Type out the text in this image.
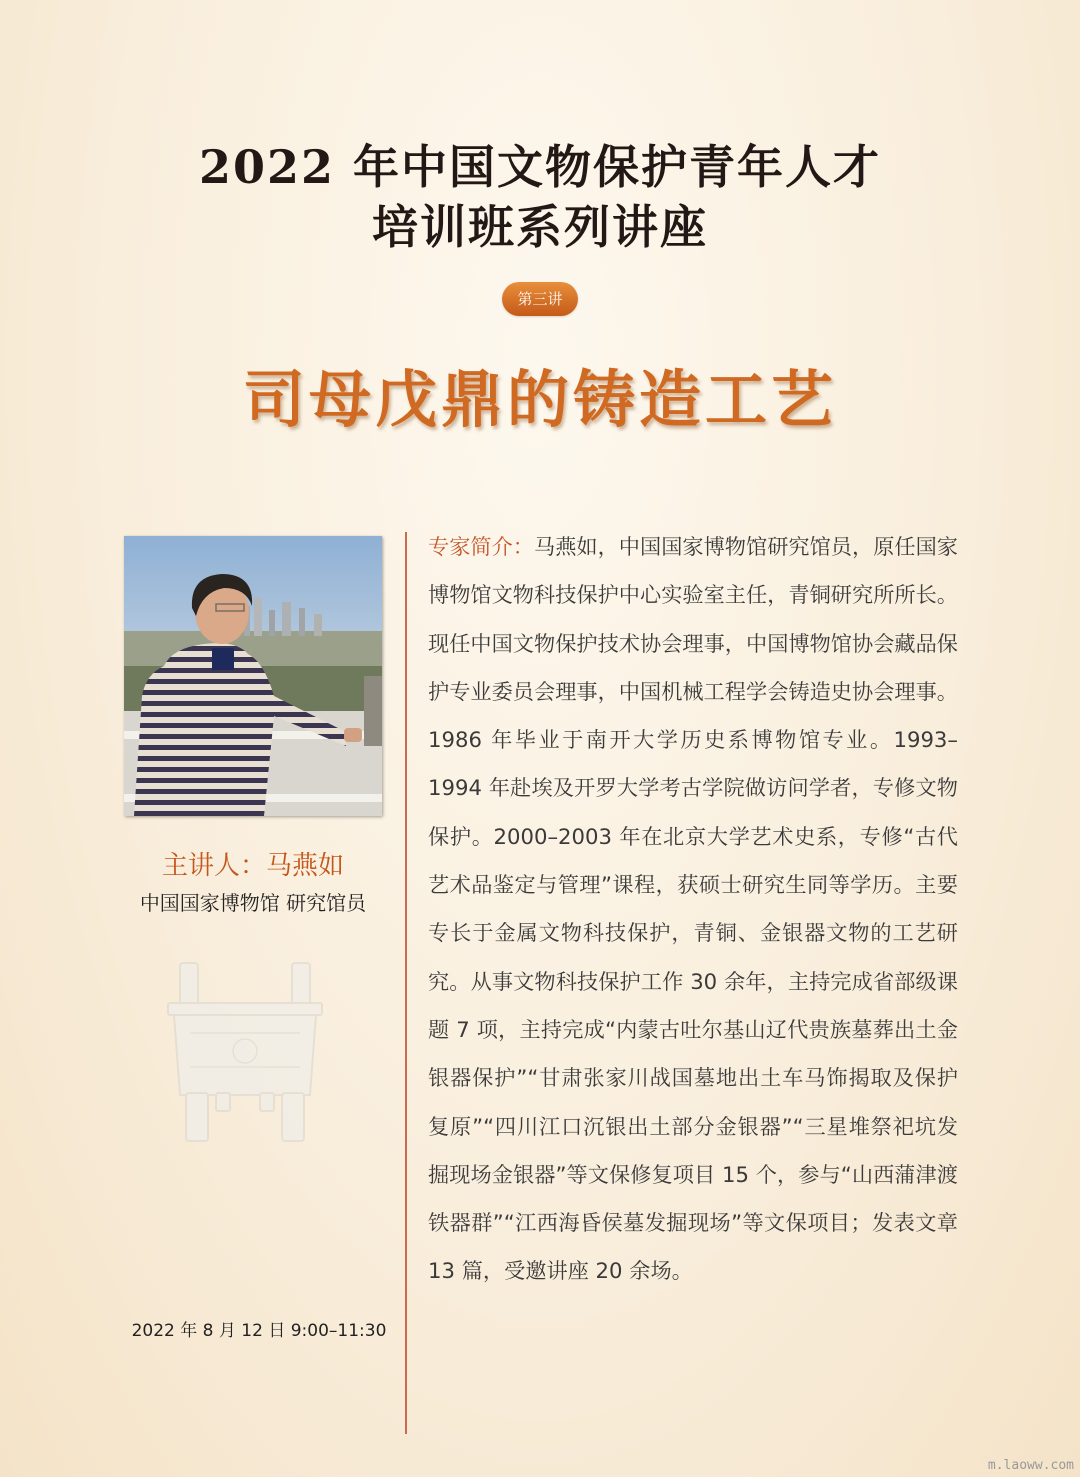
2022 年中国文物保护青年人才
培训班系列讲座
第三讲
司母戊鼎的铸造工艺
主讲人：马燕如
中国国家博物馆 研究馆员
2022 年 8 月 12 日 9:00–11:30
专家简介：马燕如，中国国家博物馆研究馆员，原任国家博物馆文物科技保护中心实验室主任，青铜研究所所长。现任中国文物保护技术协会理事，中国博物馆协会藏品保护专业委员会理事，中国机械工程学会铸造史协会理事。1986 年毕业于南开大学历史系博物馆专业。1993–1994 年赴埃及开罗大学考古学院做访问学者，专修文物保护。2000–2003 年在北京大学艺术史系，专修“古代艺术品鉴定与管理”课程，获硕士研究生同等学历。主要专长于金属文物科技保护，青铜、金银器文物的工艺研究。从事文物科技保护工作 30 余年，主持完成省部级课题 7 项，主持完成“内蒙古吐尔基山辽代贵族墓葬出土金银器保护”“甘肃张家川战国墓地出土车马饰揭取及保护复原”“四川江口沉银出土部分金银器”“三星堆祭祀坑发掘现场金银器”等文保修复项目 15 个，参与“山西蒲津渡铁器群”“江西海昏侯墓发掘现场”等文保项目；发表文章 13 篇，受邀讲座 20 余场。
m.laoww.com
